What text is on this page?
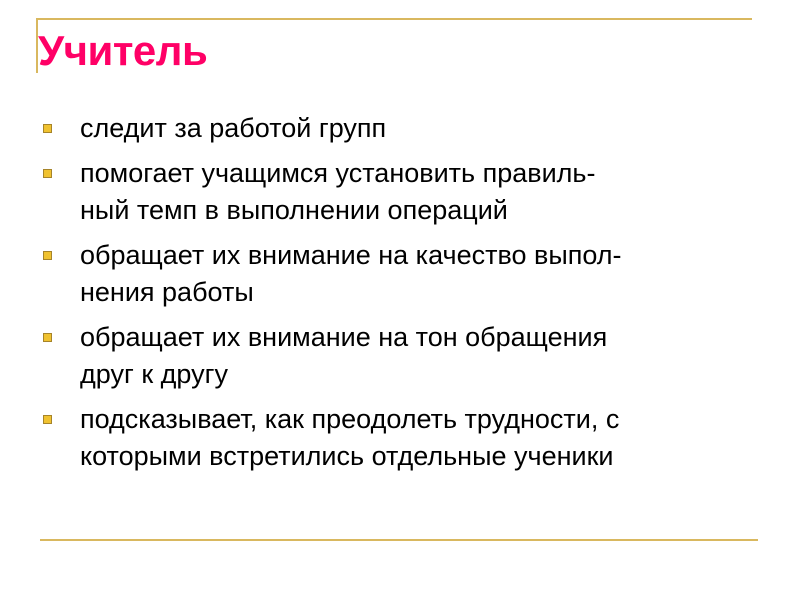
Учитель
следит за работой групп
помогает учащимся установить правиль-
ный темп в выполнении операций
обращает их внимание на качество выпол-
нения работы
обращает их внимание на тон обращения
друг к другу
подсказывает, как преодолеть трудности, с
которыми встретились отдельные ученики
